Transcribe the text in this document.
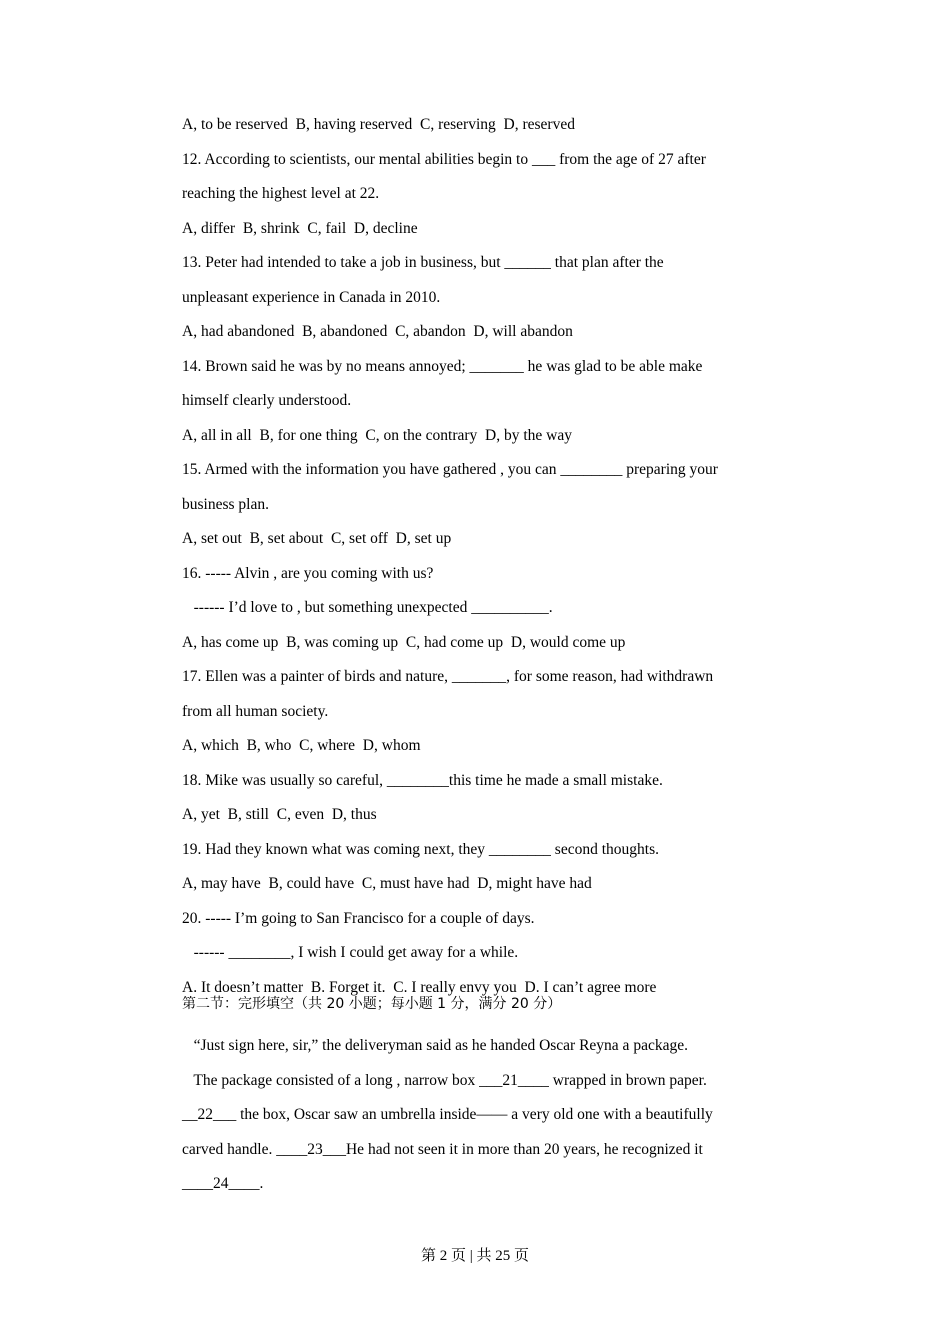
A, to be reserved  B, having reserved  C, reserving  D, reserved
12. According to scientists, our mental abilities begin to ___ from the age of 27 after
reaching the highest level at 22.
A, differ  B, shrink  C, fail  D, decline
13. Peter had intended to take a job in business, but ______ that plan after the
unpleasant experience in Canada in 2010.
A, had abandoned  B, abandoned  C, abandon  D, will abandon
14. Brown said he was by no means annoyed; _______ he was glad to be able make
himself clearly understood.
A, all in all  B, for one thing  C, on the contrary  D, by the way
15. Armed with the information you have gathered , you can ________ preparing your
business plan.
A, set out  B, set about  C, set off  D, set up
16. ----- Alvin , are you coming with us?
------ I’d love to , but something unexpected __________.
A, has come up  B, was coming up  C, had come up  D, would come up
17. Ellen was a painter of birds and nature, _______, for some reason, had withdrawn
from all human society.
A, which  B, who  C, where  D, whom
18. Mike was usually so careful, ________this time he made a small mistake.
A, yet  B, still  C, even  D, thus
19. Had they known what was coming next, they ________ second thoughts.
A, may have  B, could have  C, must have had  D, might have had
20. ----- I’m going to San Francisco for a couple of days.
------ ________, I wish I could get away for a while.
A. It doesn’t matter  B. Forget it.  C. I really envy you  D. I can’t agree more
第二节：完形填空（共 20 小题；每小题 1 分，满分 20 分）
“Just sign here, sir,” the deliveryman said as he handed Oscar Reyna a package.
The package consisted of a long , narrow box ___21____ wrapped in brown paper.
__22___ the box, Oscar saw an umbrella inside—— a very old one with a beautifully
carved handle. ____23___He had not seen it in more than 20 years, he recognized it
____24____.
第 2 页 | 共 25 页
